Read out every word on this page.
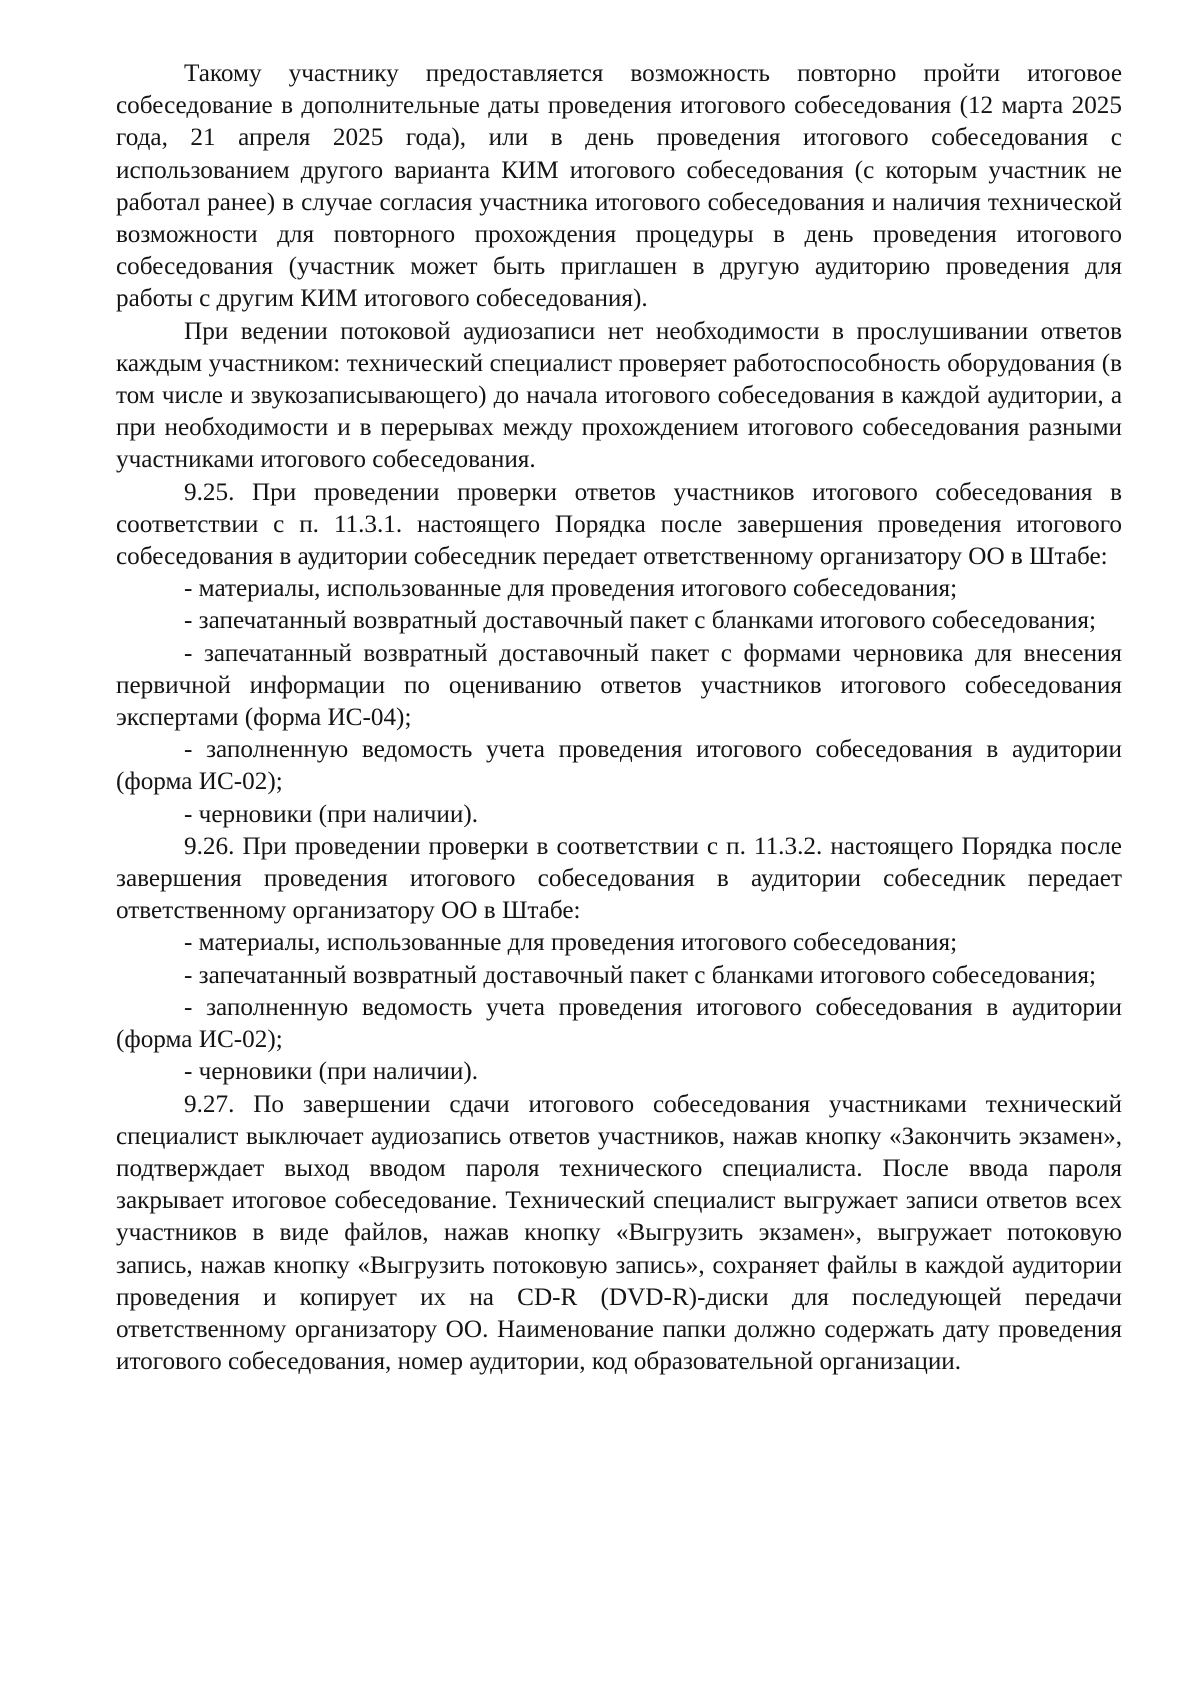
Такому участнику предоставляется возможность повторно пройти итоговое собеседование в дополнительные даты проведения итогового собеседования (12 марта 2025 года, 21 апреля 2025 года), или в день проведения итогового собеседования с использованием другого варианта КИМ итогового собеседования (с которым участник не работал ранее) в случае согласия участника итогового собеседования и наличия технической возможности для повторного прохождения процедуры в день проведения итогового собеседования (участник может быть приглашен в другую аудиторию проведения для работы с другим КИМ итогового собеседования).

При ведении потоковой аудиозаписи нет необходимости в прослушивании ответов каждым участником: технический специалист проверяет работоспособность оборудования (в том числе и звукозаписывающего) до начала итогового собеседования в каждой аудитории, а при необходимости и в перерывах между прохождением итогового собеседования разными участниками итогового собеседования.

9.25. При проведении проверки ответов участников итогового собеседования в соответствии с п. 11.3.1. настоящего Порядка после завершения проведения итогового собеседования в аудитории собеседник передает ответственному организатору ОО в Штабе:

- материалы, использованные для проведения итогового собеседования;

- запечатанный возвратный доставочный пакет с бланками итогового собеседования;

- запечатанный возвратный доставочный пакет с формами черновика для внесения первичной информации по оцениванию ответов участников итогового собеседования экспертами (форма ИС-04);

- заполненную ведомость учета проведения итогового собеседования в аудитории (форма ИС-02);

- черновики (при наличии).

9.26. При проведении проверки в соответствии с п. 11.3.2. настоящего Порядка после завершения проведения итогового собеседования в аудитории собеседник передает ответственному организатору ОО в Штабе:

- материалы, использованные для проведения итогового собеседования;

- запечатанный возвратный доставочный пакет с бланками итогового собеседования;

- заполненную ведомость учета проведения итогового собеседования в аудитории (форма ИС-02);

- черновики (при наличии).

9.27. По завершении сдачи итогового собеседования участниками технический специалист выключает аудиозапись ответов участников, нажав кнопку «Закончить экзамен», подтверждает выход вводом пароля технического специалиста. После ввода пароля закрывает итоговое собеседование. Технический специалист выгружает записи ответов всех участников в виде файлов, нажав кнопку «Выгрузить экзамен», выгружает потоковую запись, нажав кнопку «Выгрузить потоковую запись», сохраняет файлы в каждой аудитории проведения и копирует их на CD-R (DVD-R)-диски для последующей передачи ответственному организатору ОО. Наименование папки должно содержать дату проведения итогового собеседования, номер аудитории, код образовательной организации.
